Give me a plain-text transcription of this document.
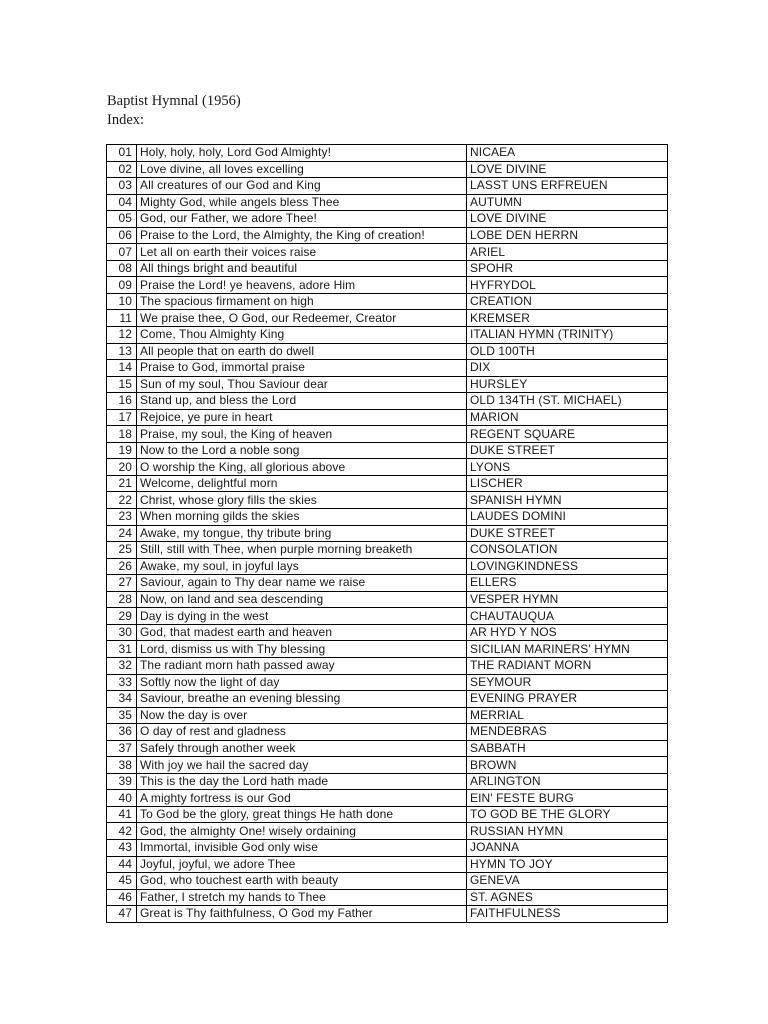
Baptist Hymnal (1956)
Index:
01	Holy, holy, holy, Lord God Almighty!	NICAEA
02	Love divine, all loves excelling	LOVE DIVINE
03	All creatures of our God and King	LASST UNS ERFREUEN
04	Mighty God, while angels bless Thee	AUTUMN
05	God, our Father, we adore Thee!	LOVE DIVINE
06	Praise to the Lord, the Almighty, the King of creation!	LOBE DEN HERRN
07	Let all on earth their voices raise	ARIEL
08	All things bright and beautiful	SPOHR
09	Praise the Lord! ye heavens, adore Him	HYFRYDOL
10	The spacious firmament on high	CREATION
11	We praise thee, O God, our Redeemer, Creator	KREMSER
12	Come, Thou Almighty King	ITALIAN HYMN (TRINITY)
13	All people that on earth do dwell	OLD 100TH
14	Praise to God, immortal praise	DIX
15	Sun of my soul, Thou Saviour dear	HURSLEY
16	Stand up, and bless the Lord	OLD 134TH (ST. MICHAEL)
17	Rejoice, ye pure in heart	MARION
18	Praise, my soul, the King of heaven	REGENT SQUARE
19	Now to the Lord a noble song	DUKE STREET
20	O worship the King, all glorious above	LYONS
21	Welcome, delightful morn	LISCHER
22	Christ, whose glory fills the skies	SPANISH HYMN
23	When morning gilds the skies	LAUDES DOMINI
24	Awake, my tongue, thy tribute bring	DUKE STREET
25	Still, still with Thee, when purple morning breaketh	CONSOLATION
26	Awake, my soul, in joyful lays	LOVINGKINDNESS
27	Saviour, again to Thy dear name we raise	ELLERS
28	Now, on land and sea descending	VESPER HYMN
29	Day is dying in the west	CHAUTAUQUA
30	God, that madest earth and heaven	AR HYD Y NOS
31	Lord, dismiss us with Thy blessing	SICILIAN MARINERS' HYMN
32	The radiant morn hath passed away	THE RADIANT MORN
33	Softly now the light of day	SEYMOUR
34	Saviour, breathe an evening blessing	EVENING PRAYER
35	Now the day is over	MERRIAL
36	O day of rest and gladness	MENDEBRAS
37	Safely through another week	SABBATH
38	With joy we hail the sacred day	BROWN
39	This is the day the Lord hath made	ARLINGTON
40	A mighty fortress is our God	EIN' FESTE BURG
41	To God be the glory, great things He hath done	TO GOD BE THE GLORY
42	God, the almighty One! wisely ordaining	RUSSIAN HYMN
43	Immortal, invisible God only wise	JOANNA
44	Joyful, joyful, we adore Thee	HYMN TO JOY
45	God, who touchest earth with beauty	GENEVA
46	Father, I stretch my hands to Thee	ST. AGNES
47	Great is Thy faithfulness, O God my Father	FAITHFULNESS
